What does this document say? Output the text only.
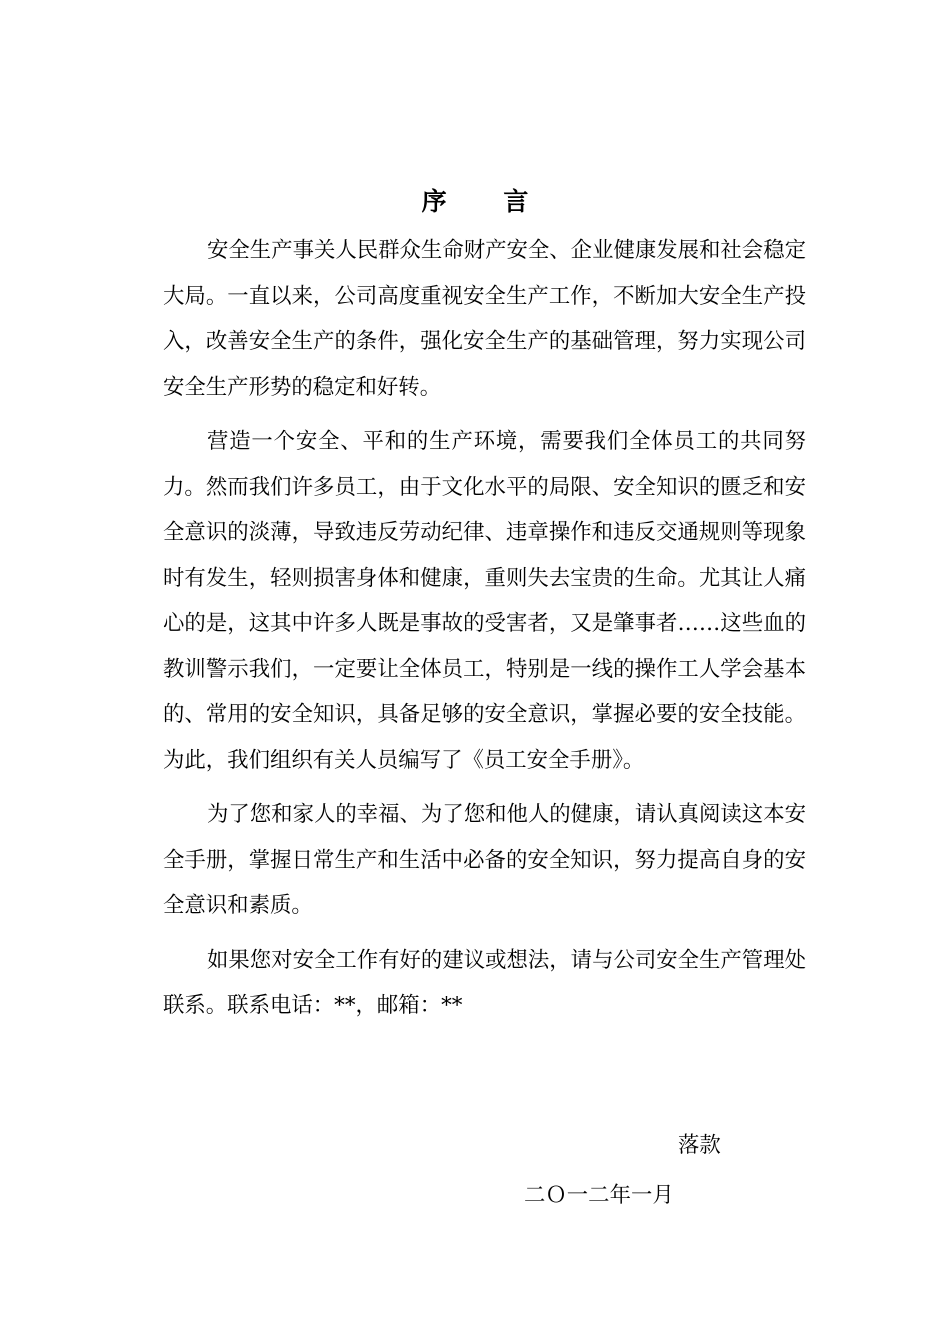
序 言

安全生产事关人民群众生命财产安全、企业健康发展和社会稳定大局。一直以来，公司高度重视安全生产工作，不断加大安全生产投入，改善安全生产的条件，强化安全生产的基础管理，努力实现公司安全生产形势的稳定和好转。

营造一个安全、平和的生产环境，需要我们全体员工的共同努力。然而我们许多员工，由于文化水平的局限、安全知识的匮乏和安全意识的淡薄，导致违反劳动纪律、违章操作和违反交通规则等现象时有发生，轻则损害身体和健康，重则失去宝贵的生命。尤其让人痛心的是，这其中许多人既是事故的受害者，又是肇事者……这些血的教训警示我们，一定要让全体员工，特别是一线的操作工人学会基本的、常用的安全知识，具备足够的安全意识，掌握必要的安全技能。为此，我们组织有关人员编写了《员工安全手册》。

为了您和家人的幸福、为了您和他人的健康，请认真阅读这本安全手册，掌握日常生产和生活中必备的安全知识，努力提高自身的安全意识和素质。

如果您对安全工作有好的建议或想法，请与公司安全生产管理处联系。联系电话：**，邮箱：**

落款
二Ｏ一二年一月
